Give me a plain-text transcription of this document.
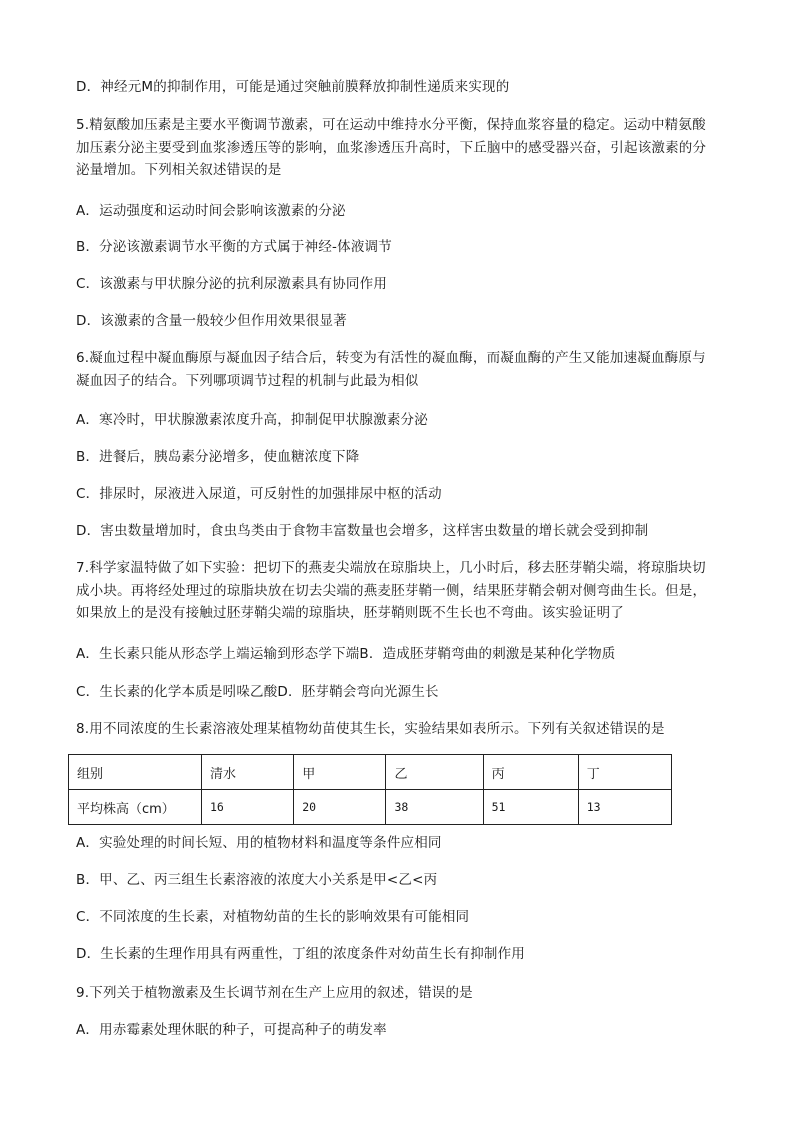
D．神经元M的抑制作用，可能是通过突触前膜释放抑制性递质来实现的
5.精氨酸加压素是主要水平衡调节激素，可在运动中维持水分平衡，保持血浆容量的稳定。运动中精氨酸
加压素分泌主要受到血浆渗透压等的影响，血浆渗透压升高时，下丘脑中的感受器兴奋，引起该激素的分
泌量增加。下列相关叙述错误的是
A．运动强度和运动时间会影响该激素的分泌
B．分泌该激素调节水平衡的方式属于神经-体液调节
C．该激素与甲状腺分泌的抗利尿激素具有协同作用
D．该激素的含量一般较少但作用效果很显著
6.凝血过程中凝血酶原与凝血因子结合后，转变为有活性的凝血酶，而凝血酶的产生又能加速凝血酶原与
凝血因子的结合。下列哪项调节过程的机制与此最为相似
A．寒冷时，甲状腺激素浓度升高，抑制促甲状腺激素分泌
B．进餐后，胰岛素分泌增多，使血糖浓度下降
C．排尿时，尿液进入尿道，可反射性的加强排尿中枢的活动
D．害虫数量增加时，食虫鸟类由于食物丰富数量也会增多，这样害虫数量的增长就会受到抑制
7.科学家温特做了如下实验：把切下的燕麦尖端放在琼脂块上，几小时后，移去胚芽鞘尖端，将琼脂块切
成小块。再将经处理过的琼脂块放在切去尖端的燕麦胚芽鞘一侧，结果胚芽鞘会朝对侧弯曲生长。但是，
如果放上的是没有接触过胚芽鞘尖端的琼脂块，胚芽鞘则既不生长也不弯曲。该实验证明了
A．生长素只能从形态学上端运输到形态学下端B．造成胚芽鞘弯曲的刺激是某种化学物质
C．生长素的化学本质是吲哚乙酸D．胚芽鞘会弯向光源生长
8.用不同浓度的生长素溶液处理某植物幼苗使其生长，实验结果如表所示。下列有关叙述错误的是
组别	清水	甲	乙	丙	丁
平均株高（cm）	16	20	38	51	13
A．实验处理的时间长短、用的植物材料和温度等条件应相同
B．甲、乙、丙三组生长素溶液的浓度大小关系是甲<乙<丙
C．不同浓度的生长素，对植物幼苗的生长的影响效果有可能相同
D．生长素的生理作用具有两重性，丁组的浓度条件对幼苗生长有抑制作用
9.下列关于植物激素及生长调节剂在生产上应用的叙述，错误的是
A．用赤霉素处理休眠的种子，可提高种子的萌发率
